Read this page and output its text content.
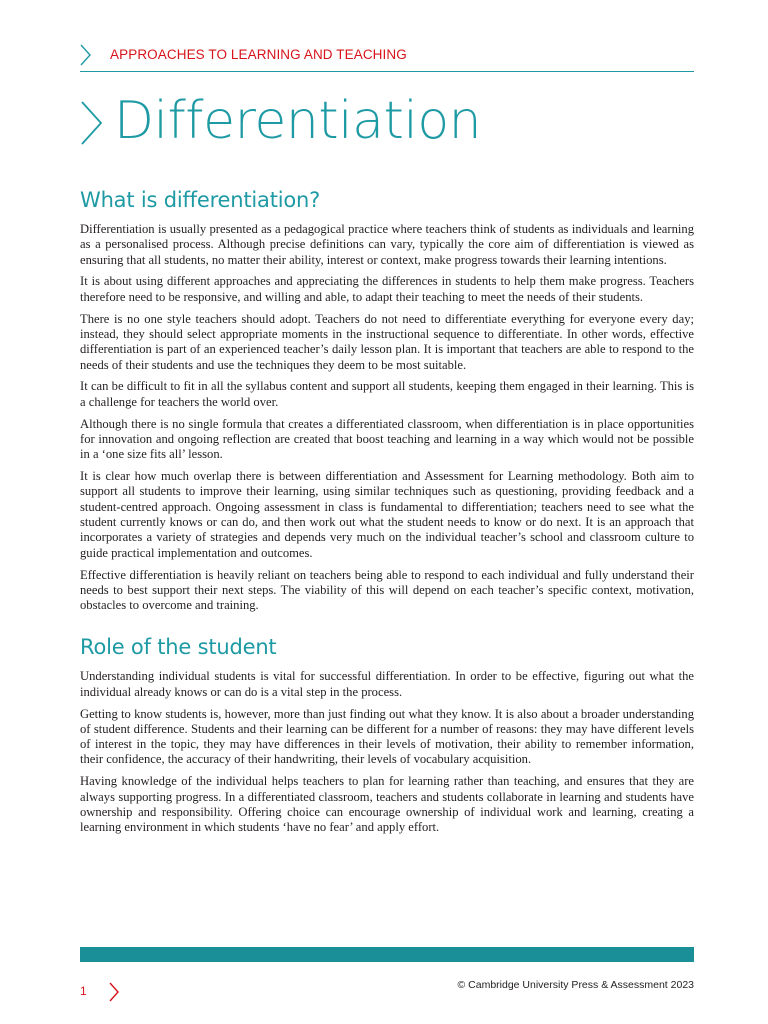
APPROACHES TO LEARNING AND TEACHING
Differentiation
What is differentiation?

Differentiation is usually presented as a pedagogical practice where teachers think of students as individuals and learning as a personalised process. Although precise definitions can vary, typically the core aim of differentiation is viewed as ensuring that all students, no matter their ability, interest or context, make progress towards their learning intentions.

It is about using different approaches and appreciating the differences in students to help them make progress. Teachers therefore need to be responsive, and willing and able, to adapt their teaching to meet the needs of their students.

There is no one style teachers should adopt. Teachers do not need to differentiate everything for everyone every day; instead, they should select appropriate moments in the instructional sequence to differentiate. In other words, effective differentiation is part of an experienced teacher’s daily lesson plan. It is important that teachers are able to respond to the needs of their students and use the techniques they deem to be most suitable.

It can be difficult to fit in all the syllabus content and support all students, keeping them engaged in their learning. This is a challenge for teachers the world over.

Although there is no single formula that creates a differentiated classroom, when differentiation is in place opportunities for innovation and ongoing reflection are created that boost teaching and learning in a way which would not be possible in a ‘one size fits all’ lesson.

It is clear how much overlap there is between differentiation and Assessment for Learning methodology. Both aim to support all students to improve their learning, using similar techniques such as questioning, providing feedback and a student-centred approach. Ongoing assessment in class is fundamental to differentiation; teachers need to see what the student currently knows or can do, and then work out what the student needs to know or do next. It is an approach that incorporates a variety of strategies and depends very much on the individual teacher’s school and classroom culture to guide practical implementation and outcomes.

Effective differentiation is heavily reliant on teachers being able to respond to each individual and fully understand their needs to best support their next steps. The viability of this will depend on each teacher’s specific context, motivation, obstacles to overcome and training.

Role of the student

Understanding individual students is vital for successful differentiation. In order to be effective, figuring out what the individual already knows or can do is a vital step in the process.

Getting to know students is, however, more than just finding out what they know. It is also about a broader understanding of student difference. Students and their learning can be different for a number of reasons: they may have different levels of interest in the topic, they may have differences in their levels of motivation, their ability to remember information, their confidence, the accuracy of their handwriting, their levels of vocabulary acquisition.

Having knowledge of the individual helps teachers to plan for learning rather than teaching, and ensures that they are always supporting progress. In a differentiated classroom, teachers and students collaborate in learning and students have ownership and responsibility. Offering choice can encourage ownership of individual work and learning, creating a learning environment in which students ‘have no fear’ and apply effort.

1	© Cambridge University Press & Assessment 2023
